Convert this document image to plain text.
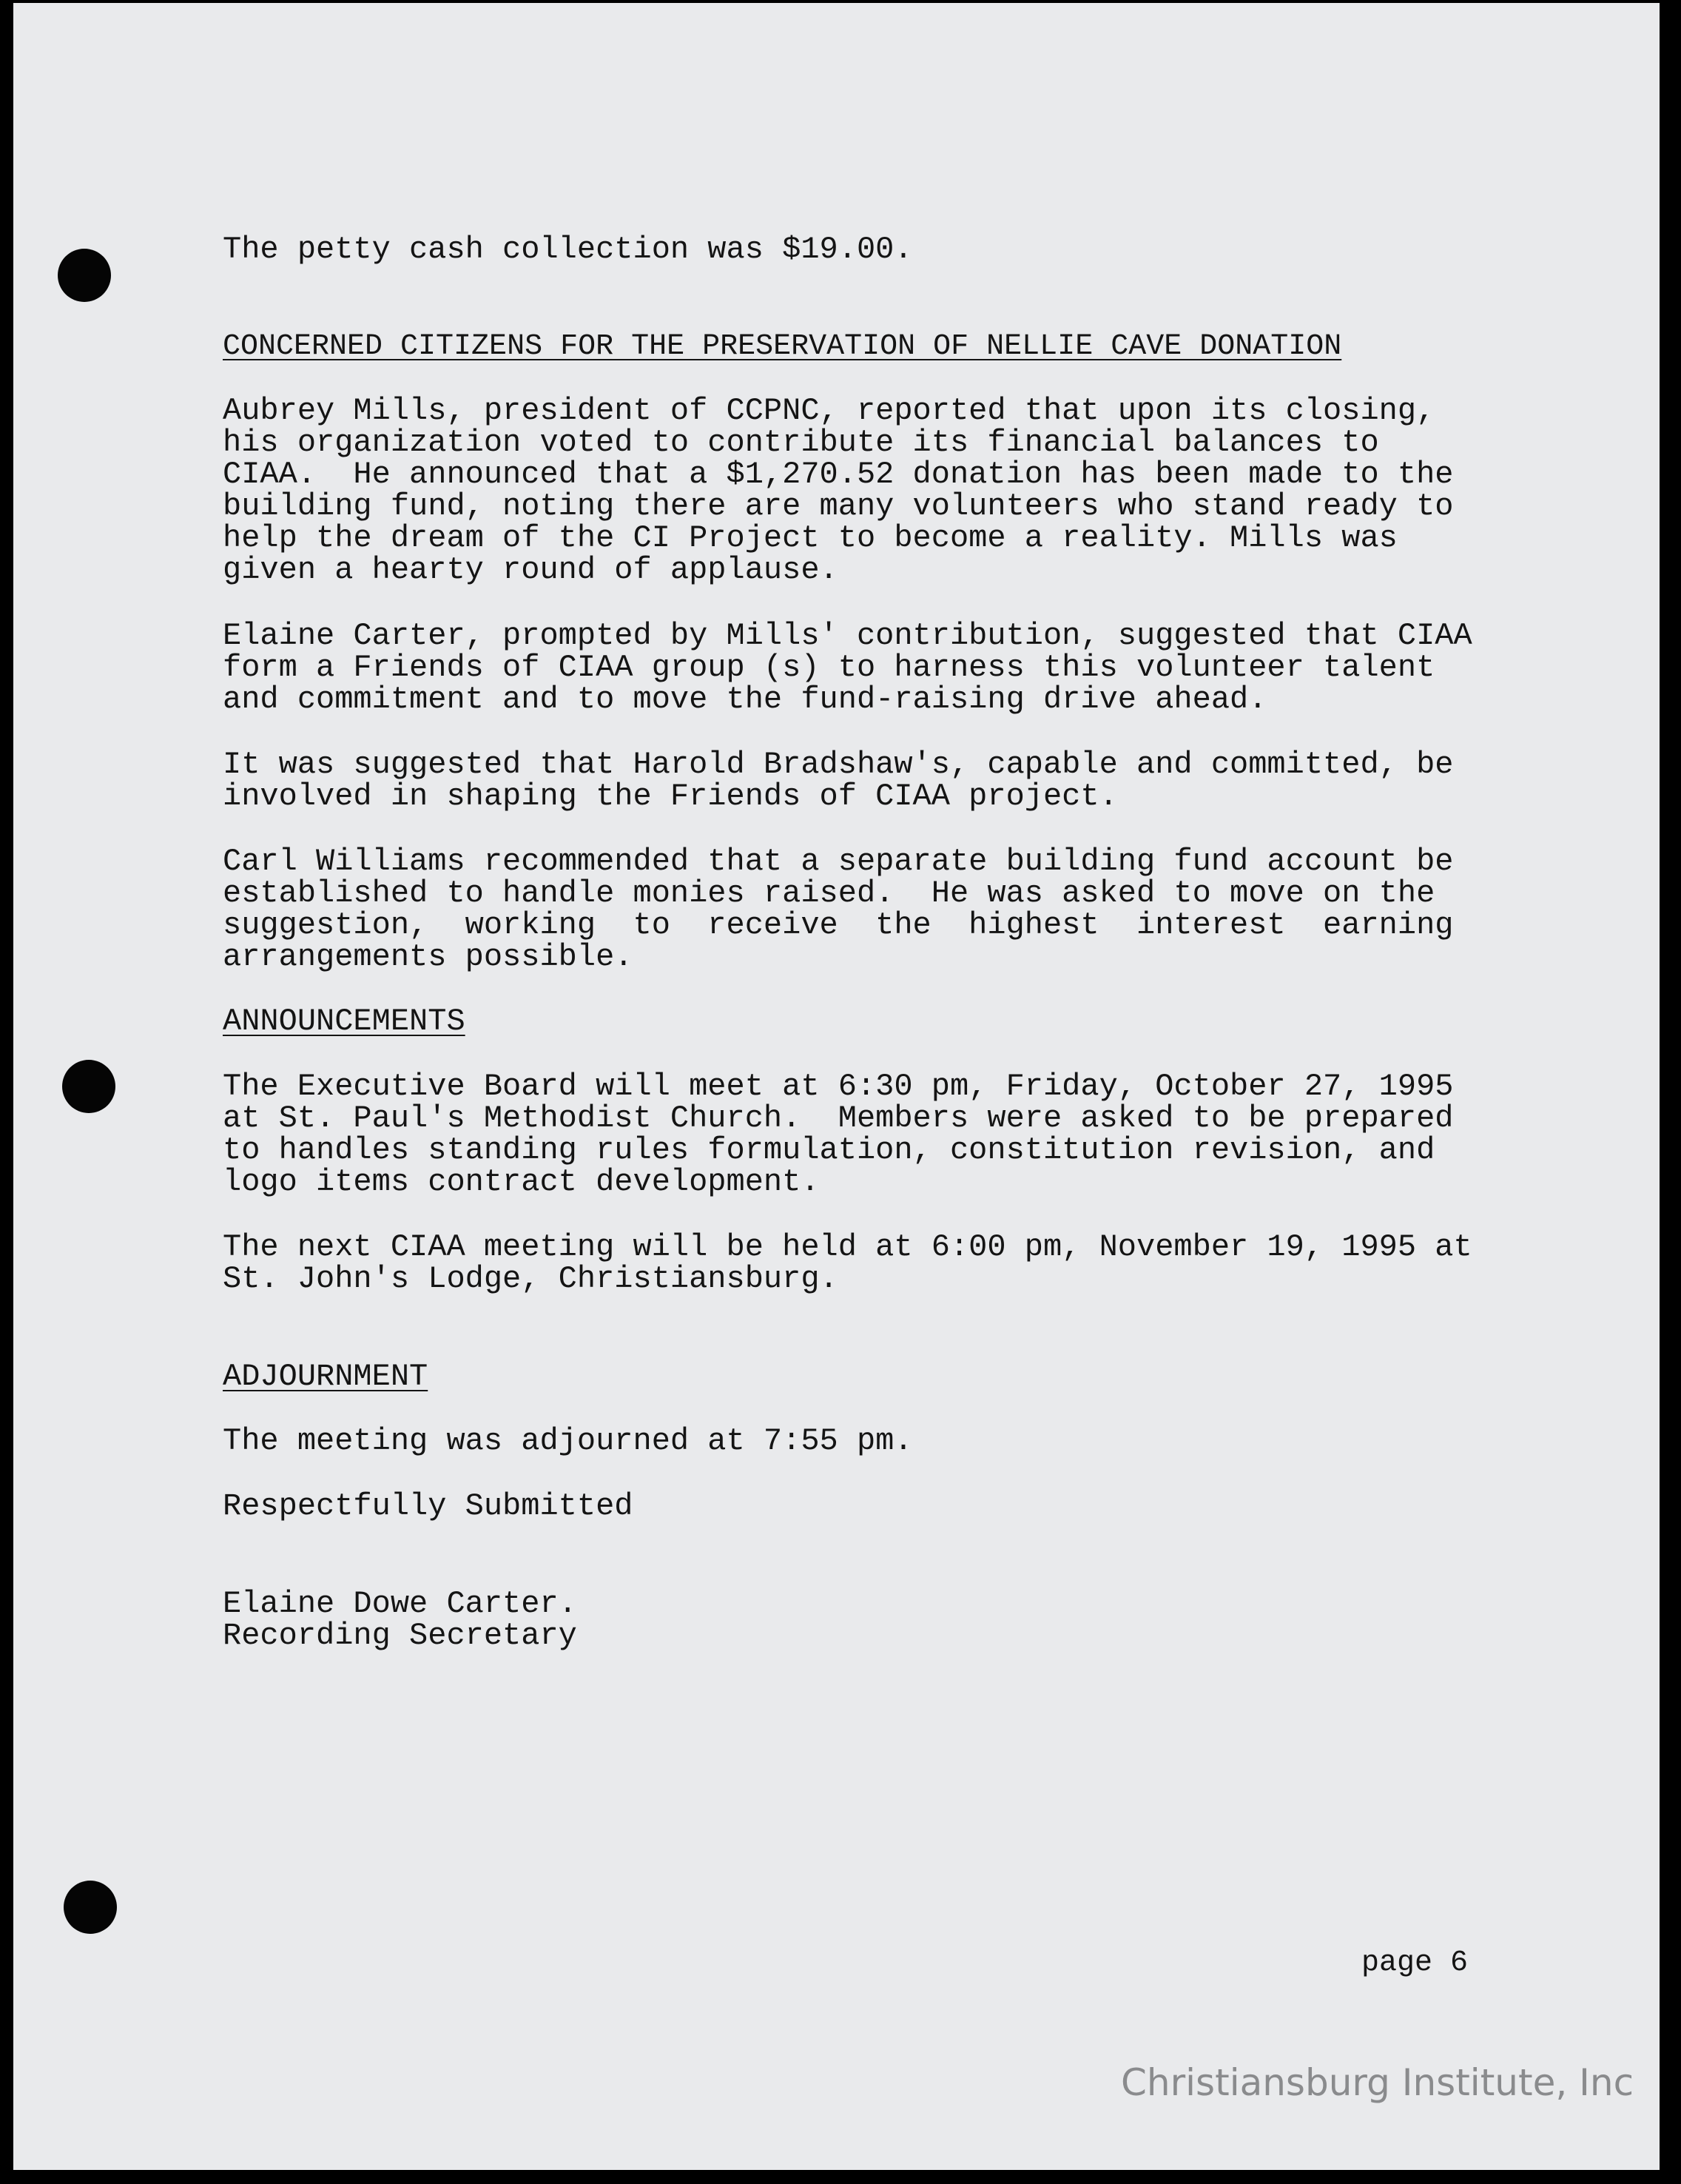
The petty cash collection was $19.00.

CONCERNED CITIZENS FOR THE PRESERVATION OF NELLIE CAVE DONATION

Aubrey Mills, president of CCPNC, reported that upon its closing,

his organization voted to contribute its financial balances to

CIAA.  He announced that a $1,270.52 donation has been made to the

building fund, noting there are many volunteers who stand ready to

help the dream of the CI Project to become a reality. Mills was

given a hearty round of applause.

Elaine Carter, prompted by Mills' contribution, suggested that CIAA

form a Friends of CIAA group (s) to harness this volunteer talent

and commitment and to move the fund-raising drive ahead.

It was suggested that Harold Bradshaw's, capable and committed, be

involved in shaping the Friends of CIAA project.

Carl Williams recommended that a separate building fund account be

established to handle monies raised.  He was asked to move on the

suggestion,  working  to  receive  the  highest  interest  earning

arrangements possible.

ANNOUNCEMENTS

The Executive Board will meet at 6:30 pm, Friday, October 27, 1995

at St. Paul's Methodist Church.  Members were asked to be prepared

to handles standing rules formulation, constitution revision, and

logo items contract development.

The next CIAA meeting will be held at 6:00 pm, November 19, 1995 at

St. John's Lodge, Christiansburg.

ADJOURNMENT

The meeting was adjourned at 7:55 pm.

Respectfully Submitted

Elaine Dowe Carter.

Recording Secretary

page 6

Christiansburg Institute, Inc
